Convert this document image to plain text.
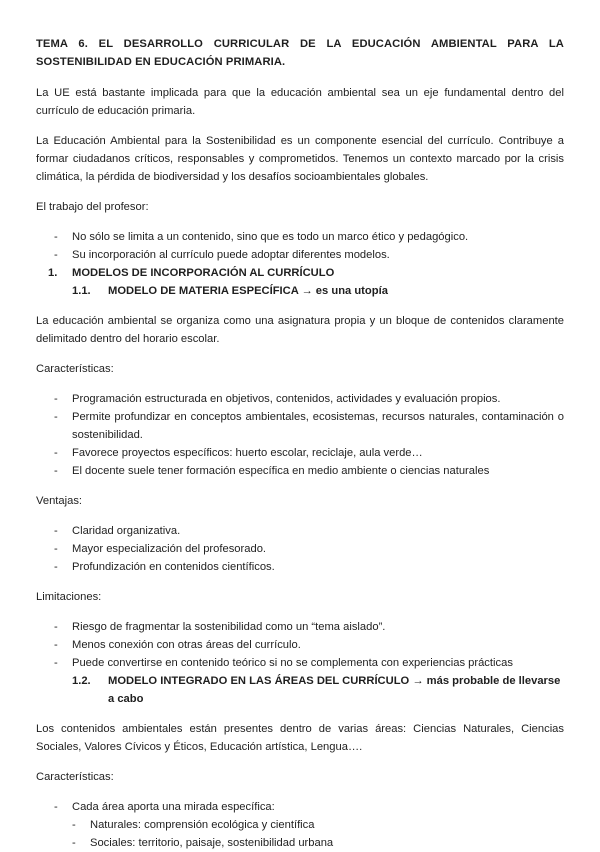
TEMA 6. EL DESARROLLO CURRICULAR DE LA EDUCACIÓN AMBIENTAL PARA LA SOSTENIBILIDAD EN EDUCACIÓN PRIMARIA.

La UE está bastante implicada para que la educación ambiental sea un eje fundamental dentro del currículo de educación primaria.

La Educación Ambiental para la Sostenibilidad es un componente esencial del currículo. Contribuye a formar ciudadanos críticos, responsables y comprometidos. Tenemos un contexto marcado por la crisis climática, la pérdida de biodiversidad y los desafíos socioambientales globales.

El trabajo del profesor:

- No sólo se limita a un contenido, sino que es todo un marco ético y pedagógico.
- Su incorporación al currículo puede adoptar diferentes modelos.
1. MODELOS DE INCORPORACIÓN AL CURRÍCULO
1.1. MODELO DE MATERIA ESPECÍFICA → es una utopía

La educación ambiental se organiza como una asignatura propia y un bloque de contenidos claramente delimitado dentro del horario escolar.

Características:

- Programación estructurada en objetivos, contenidos, actividades y evaluación propios.
- Permite profundizar en conceptos ambientales, ecosistemas, recursos naturales, contaminación o sostenibilidad.
- Favorece proyectos específicos: huerto escolar, reciclaje, aula verde…
- El docente suele tener formación específica en medio ambiente o ciencias naturales

Ventajas:

- Claridad organizativa.
- Mayor especialización del profesorado.
- Profundización en contenidos científicos.

Limitaciones:

- Riesgo de fragmentar la sostenibilidad como un “tema aislado”.
- Menos conexión con otras áreas del currículo.
- Puede convertirse en contenido teórico si no se complementa con experiencias prácticas
1.2. MODELO INTEGRADO EN LAS ÁREAS DEL CURRÍCULO → más probable de llevarse a cabo

Los contenidos ambientales están presentes dentro de varias áreas: Ciencias Naturales, Ciencias Sociales, Valores Cívicos y Éticos, Educación artística, Lengua….

Características:

- Cada área aporta una mirada específica:
- Naturales: comprensión ecológica y científica
- Sociales: territorio, paisaje, sostenibilidad urbana
